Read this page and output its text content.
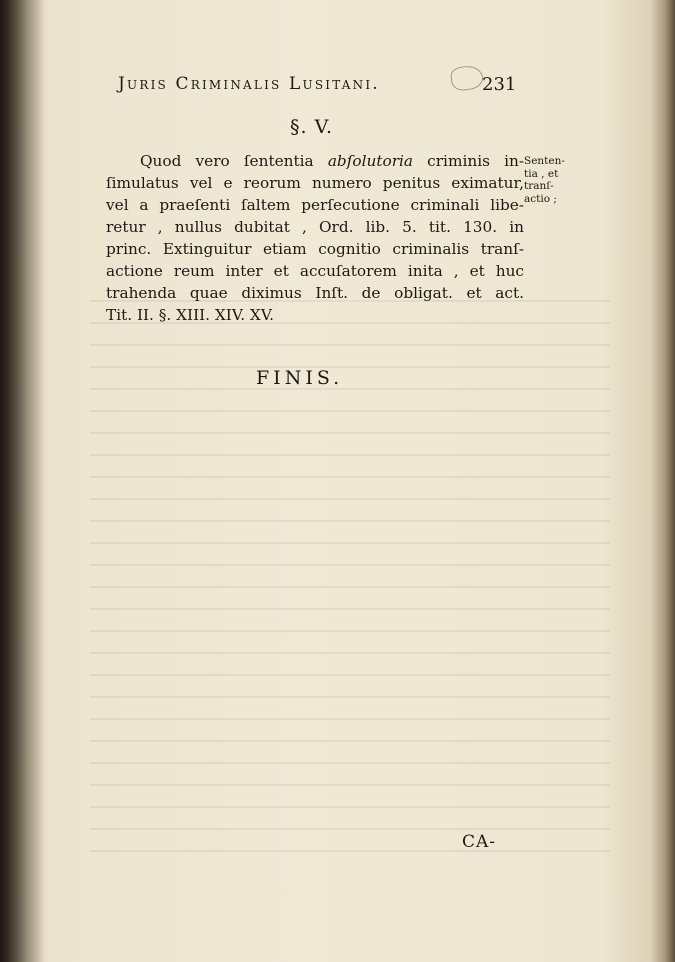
Juris Criminalis Lusitani.	231
§. V.
Quod vero ſententia abſolutoria criminis in-
ſimulatus vel e reorum numero penitus eximatur,
vel a praeſenti ſaltem perſecutione criminali libe-
retur , nullus dubitat , Ord. lib. 5. tit. 130. in
princ. Extinguitur etiam cognitio criminalis tranſ-
actione reum inter et accuſatorem inita , et huc
trahenda quae diximus Inſt. de obligat. et act.
Tit. II. §. XIII. XIV. XV.
Senten-
tia , et
tranſ-
actio ;
FINIS.
CA-
